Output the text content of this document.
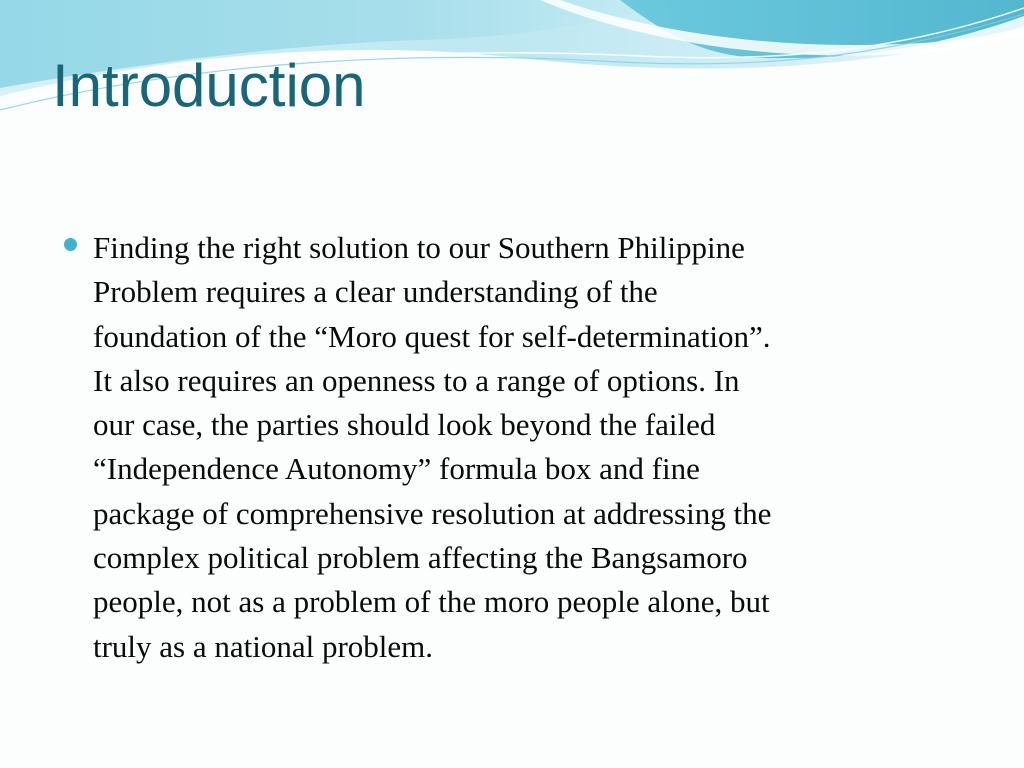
Introduction

Finding the right solution to our Southern Philippine
Problem requires a clear understanding of the
foundation of the “Moro quest for self-determination”.
It also requires an openness to a range of options. In
our case, the parties should look beyond the failed
“Independence Autonomy” formula box and fine
package of comprehensive resolution at addressing the
complex political problem affecting the Bangsamoro
people, not as a problem of the moro people alone, but
truly as a national problem.
